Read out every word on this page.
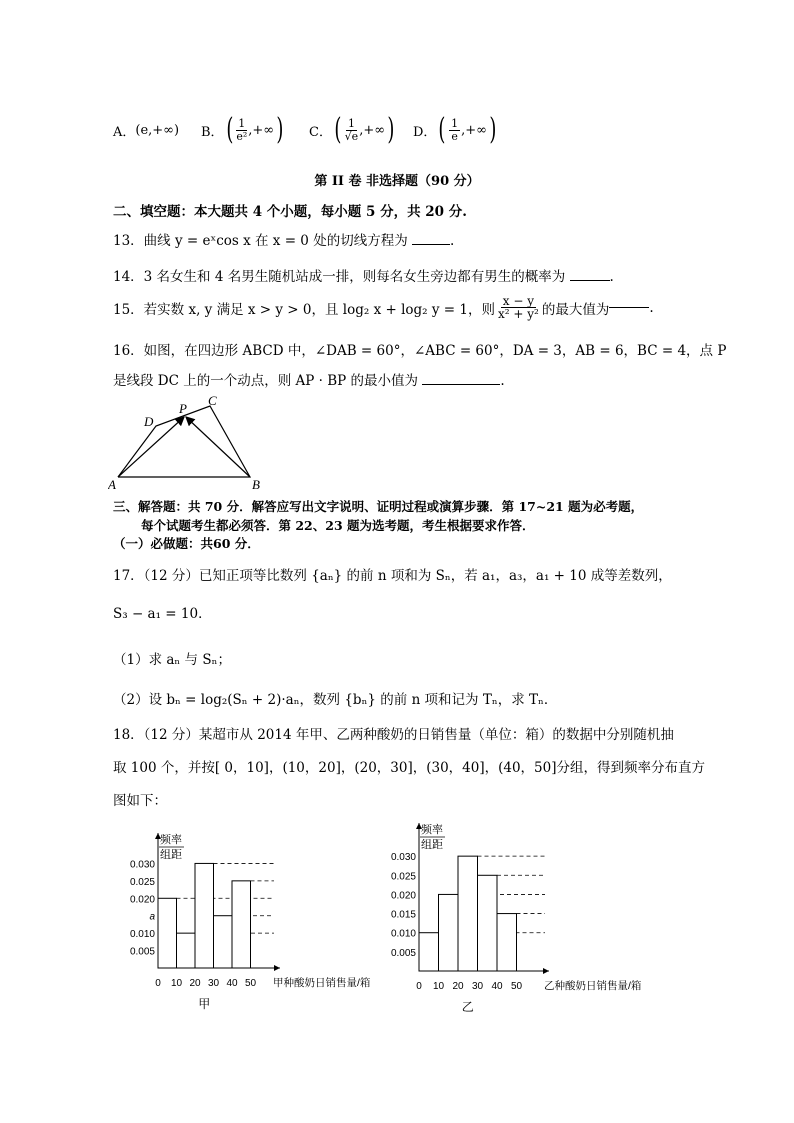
A． (e,+∞) B． ( $\frac{1}{\text{e²}}$ ,+∞ ) C． ( $\frac{1}{√e}$ ,+∞ ) D． ( $\frac{1}{e}$ ,+∞ )
第 II 卷 非选择题（90 分）
二、填空题：本大题共 4 个小题，每小题 5 分，共 20 分.
13．曲线 y = eˣcos x 在 x = 0 处的切线方程为	.
14．3 名女生和 4 名男生随机站成一排，则每名女生旁边都有男生的概率为	.
15．若实数 x, y 满足 x > y > 0，且 log₂ x + log₂ y = 1，则 $\frac{x - y}{\text{x² + y²}}$ 的最大值为	.
16．如图，在四边形 ABCD 中，∠DAB = 60°，∠ABC = 60°，DA = 3，AB = 6，BC = 4，点 P
是线段 DC 上的一个动点，则 AP · BP 的最小值为	.
A	B
C
D
P
三、解答题：共 70 分．解答应写出文字说明、证明过程或演算步骤．第 17~21 题为必考题，
每个试题考生都必须答．第 22、23 题为选考题，考生根据要求作答．
（一）必做题：共60 分．
17．（12 分）已知正项等比数列 {aₙ} 的前 n 项和为 Sₙ，若 a₁，a₃，a₁ + 10 成等差数列，
S₃ − a₁ = 10．
（1）求 aₙ 与 Sₙ；
（2）设 bₙ = log₂(Sₙ + 2)·aₙ，数列 {bₙ} 的前 n 项和记为 Tₙ，求 Tₙ．
18．（12 分）某超市从 2014 年甲、乙两种酸奶的日销售量（单位：箱）的数据中分别随机抽
取 100 个，并按[ 0，10]，(10，20]，(20，30]，(30，40]，(40，50]分组，得到频率分布直方
图如下：
频率
组距
0.005
0.010
a
0.020
0.025
0.030
0 10 20 30 40 50 甲种酸奶日销售量/箱
甲
频率
组距
0.005
0.010
0.015
0.020
0.025
0.030
0 10 20 30 40 50 乙种酸奶日销售量/箱
乙
